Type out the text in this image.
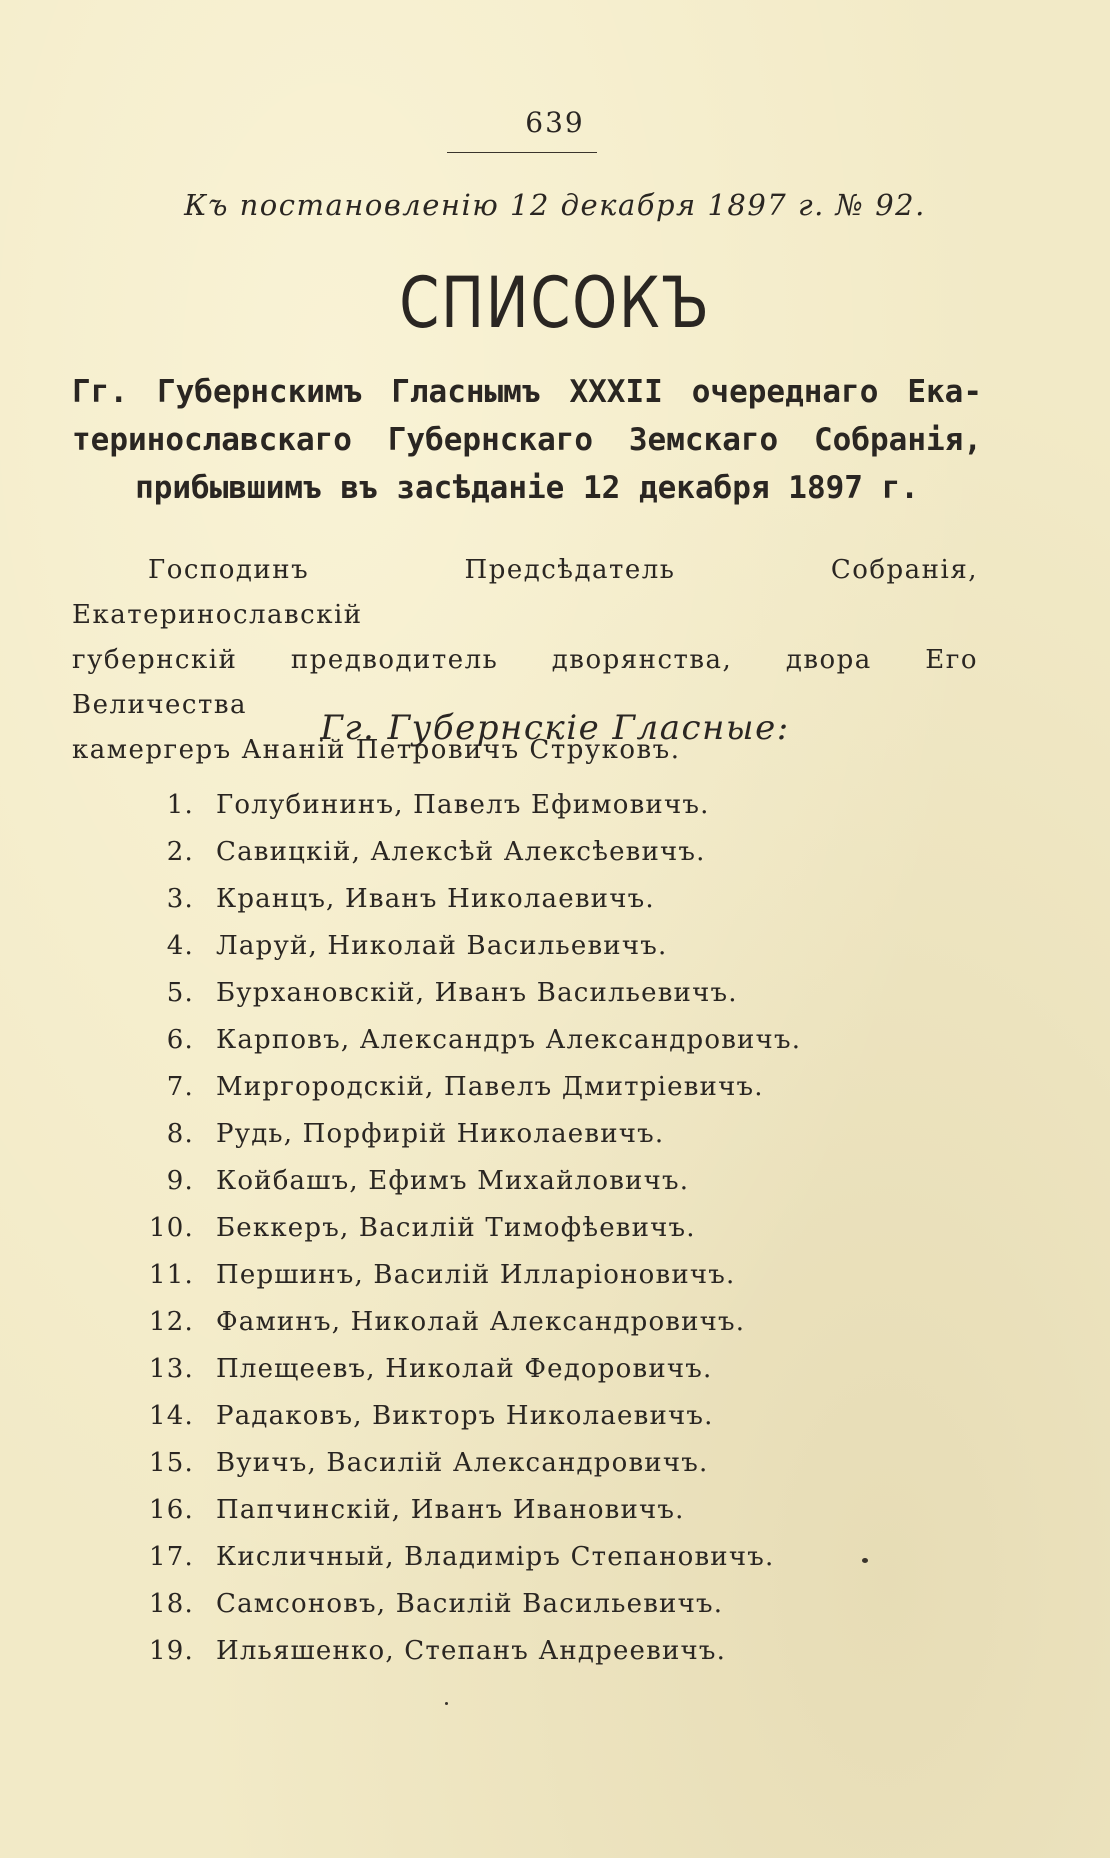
639
Къ постановленію 12 декабря 1897 г. № 92.
СПИСОКЪ
Гг. Губернскимъ Гласнымъ XXXII очереднаго Ека-
теринославскаго Губернскаго Земскаго Собранія,
прибывшимъ въ засѣданіе 12 декабря 1897 г.
Господинъ Предсѣдатель Собранія, Екатеринославскій
губернскій предводитель дворянства, двора Его Величества
камергеръ Ананій Петровичъ Струковъ.
Гг. Губернскіе Гласные:
1. Голубининъ, Павелъ Ефимовичъ.
2. Савицкій, Алексѣй Алексѣевичъ.
3. Кранцъ, Иванъ Николаевичъ.
4. Ларуй, Николай Васильевичъ.
5. Бурхановскій, Иванъ Васильевичъ.
6. Карповъ, Александръ Александровичъ.
7. Миргородскій, Павелъ Дмитріевичъ.
8. Рудь, Порфирій Николаевичъ.
9. Койбашъ, Ефимъ Михайловичъ.
10. Беккеръ, Василій Тимофѣевичъ.
11. Першинъ, Василій Илларіоновичъ.
12. Фаминъ, Николай Александровичъ.
13. Плещеевъ, Николай Федоровичъ.
14. Радаковъ, Викторъ Николаевичъ.
15. Вуичъ, Василій Александровичъ.
16. Папчинскій, Иванъ Ивановичъ.
17. Кисличный, Владиміръ Степановичъ.
18. Самсоновъ, Василій Васильевичъ.
19. Ильяшенко, Степанъ Андреевичъ.
